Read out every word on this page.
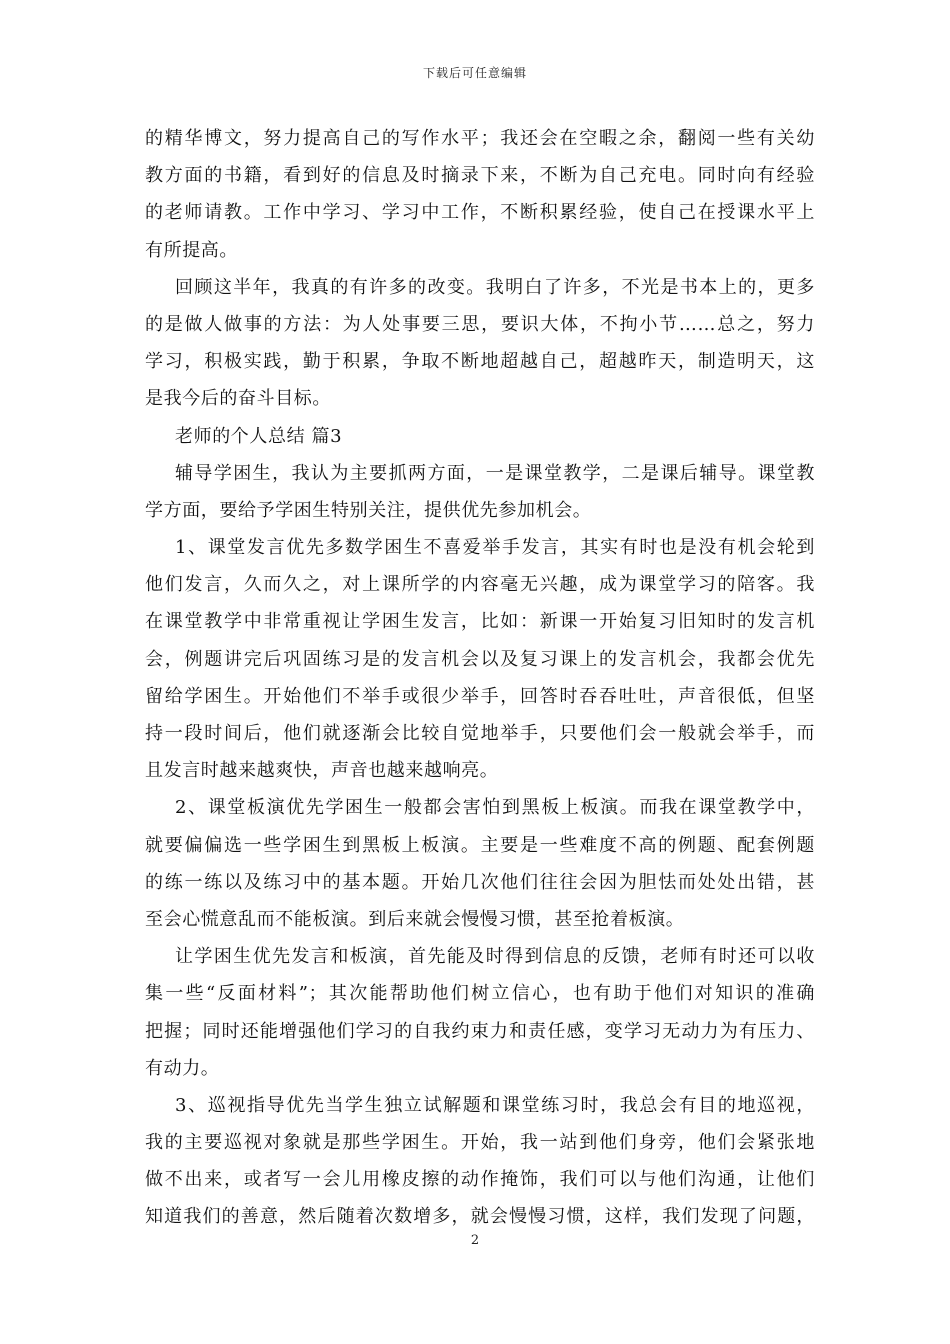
下载后可任意编辑
的精华博文，努力提高自己的写作水平；我还会在空暇之余，翻阅一些有关幼
教方面的书籍，看到好的信息及时摘录下来，不断为自己充电。同时向有经验
的老师请教。工作中学习、学习中工作，不断积累经验，使自己在授课水平上
有所提高。
回顾这半年，我真的有许多的改变。我明白了许多，不光是书本上的，更多
的是做人做事的方法：为人处事要三思，要识大体，不拘小节……总之，努力
学习，积极实践，勤于积累，争取不断地超越自己，超越昨天，制造明天，这
是我今后的奋斗目标。
老师的个人总结 篇3
辅导学困生，我认为主要抓两方面，一是课堂教学，二是课后辅导。课堂教
学方面，要给予学困生特别关注，提供优先参加机会。
1、课堂发言优先多数学困生不喜爱举手发言，其实有时也是没有机会轮到
他们发言，久而久之，对上课所学的内容毫无兴趣，成为课堂学习的陪客。我
在课堂教学中非常重视让学困生发言，比如：新课一开始复习旧知时的发言机
会，例题讲完后巩固练习是的发言机会以及复习课上的发言机会，我都会优先
留给学困生。开始他们不举手或很少举手，回答时吞吞吐吐，声音很低，但坚
持一段时间后，他们就逐渐会比较自觉地举手，只要他们会一般就会举手，而
且发言时越来越爽快，声音也越来越响亮。
2、课堂板演优先学困生一般都会害怕到黑板上板演。而我在课堂教学中，
就要偏偏选一些学困生到黑板上板演。主要是一些难度不高的例题、配套例题
的练一练以及练习中的基本题。开始几次他们往往会因为胆怯而处处出错，甚
至会心慌意乱而不能板演。到后来就会慢慢习惯，甚至抢着板演。
让学困生优先发言和板演，首先能及时得到信息的反馈，老师有时还可以收
集一些“反面材料”；其次能帮助他们树立信心，也有助于他们对知识的准确
把握；同时还能增强他们学习的自我约束力和责任感，变学习无动力为有压力、
有动力。
3、巡视指导优先当学生独立试解题和课堂练习时，我总会有目的地巡视，
我的主要巡视对象就是那些学困生。开始，我一站到他们身旁，他们会紧张地
做不出来，或者写一会儿用橡皮擦的动作掩饰，我们可以与他们沟通，让他们
知道我们的善意，然后随着次数增多，就会慢慢习惯，这样，我们发现了问题，
2
